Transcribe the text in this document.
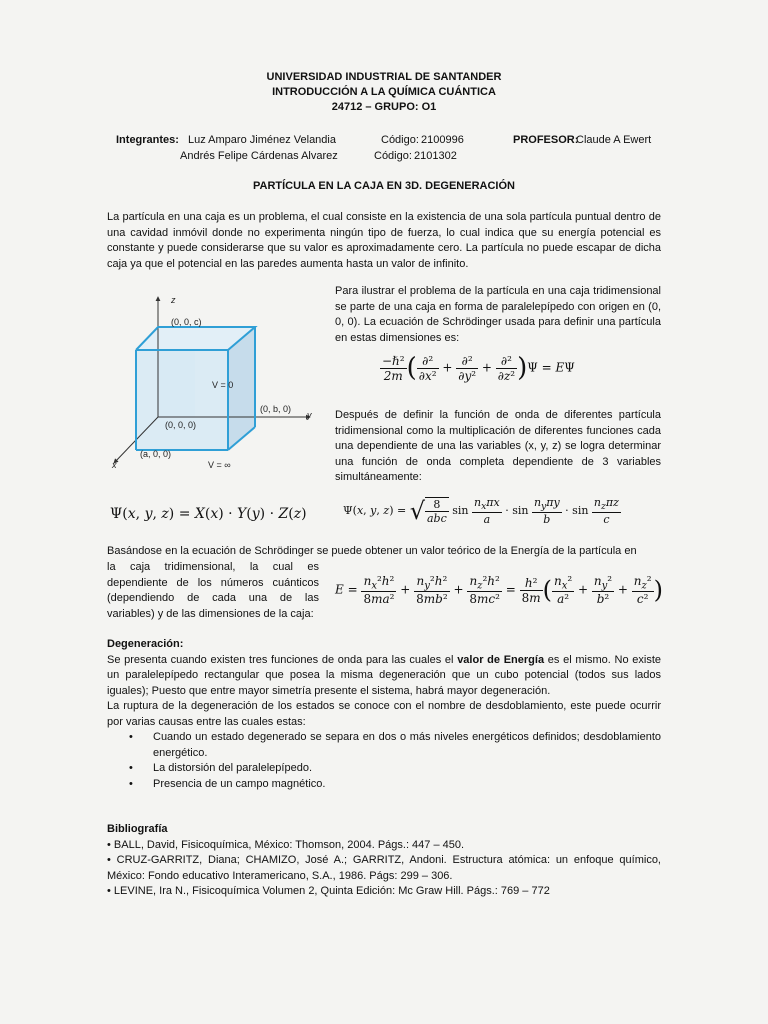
UNIVERSIDAD INDUSTRIAL DE SANTANDER
INTRODUCCIÓN A LA QUÍMICA CUÁNTICA
24712 – GRUPO: O1
Integrantes: Luz Amparo Jiménez Velandia	Código: 2100996	PROFESOR:
Claude A Ewert
Andrés Felipe Cárdenas Alvarez	Código: 2101302
PARTÍCULA EN LA CAJA EN 3D. DEGENERACIÓN
La partícula en una caja es un problema, el cual consiste en la existencia de una sola partícula puntual dentro de una cavidad inmóvil donde no experimenta ningún tipo de fuerza, lo cual indica que su energía potencial es constante y puede considerarse que su valor es aproximadamente cero. La partícula no puede escapar de dicha caja ya que el potencial en las paredes aumenta hasta un valor de infinito.
z
y
x
(0, 0, c)
(0, b, 0)
(0, 0, 0)
(a, 0, 0)
V = 0
V = ∞
Para ilustrar el problema de la partícula en una caja tridimensional se parte de una caja en forma de paralelepípedo con origen en (0, 0, 0). La ecuación de Schrödinger usada para definir una partícula en estas dimensiones es:
$\frac{\text{−ℏ²}}{2m}$ ( $\frac{\text{∂²}}{\text{∂x²}} + \frac{\text{∂²}}{\text{∂y²}} + \frac{\text{∂²}}{\text{∂z²}} )\Psi = E\Psi$
Después de definir la función de onda de diferentes partícula tridimensional como la multiplicación de diferentes funciones cada una dependiente de una las variables (x, y, z) se logra determinar una función de onda completa dependiente de 3 variables simultáneamente:
Ψ(x, y, z) = X(x) · Y(y) · Z(z)	Ψ(x, y, z) = √ $\frac{8}{\text{abc}}$ $\sin \frac{n_x\pi x}{a} \cdot \sin \frac{n_y\pi y}{b} \cdot \sin \frac{n_z\pi z}{c}$
Basándose en la ecuación de Schrödinger se puede obtener un valor teórico de la Energía de la partícula en
la caja tridimensional, la cual es dependiente de los números cuánticos (dependiendo de cada una de las variables) y de las dimensiones de la caja:
$E = \frac{n_x^2h^2}{\text{8ma²}} + \frac{n_y^2h^2}{\text{8mb²}} + \frac{n_z^2h^2}{\text{8mc²}} = \frac{\text{h²}}{8m}$ ( $\frac{n_x^2}{\text{a²}} + \frac{n_y^2}{\text{b²}} + \frac{n_z^2}{\text{c²}}$ )
Degeneración:
Se presenta cuando existen tres funciones de onda para las cuales el valor de Energía es el mismo. No existe un paralelepípedo rectangular que posea la misma degeneración que un cubo potencial (todos sus lados iguales); Puesto que entre mayor simetría presente el sistema, habrá mayor degeneración.
La ruptura de la degeneración de los estados se conoce con el nombre de desdoblamiento, este puede ocurrir por varias causas entre las cuales estas:
• Cuando un estado degenerado se separa en dos o más niveles energéticos definidos; desdoblamiento energético.
• La distorsión del paralelepípedo.
• Presencia de un campo magnético.
Bibliografía
• BALL, David, Fisicoquímica, México: Thomson, 2004. Págs.: 447 – 450.
• CRUZ-GARRITZ, Diana; CHAMIZO, José A.; GARRITZ, Andoni. Estructura atómica: un enfoque químico, México: Fondo educativo Interamericano, S.A., 1986. Págs: 299 – 306.
• LEVINE, Ira N., Fisicoquímica Volumen 2, Quinta Edición: Mc Graw Hill. Págs.: 769 – 772
